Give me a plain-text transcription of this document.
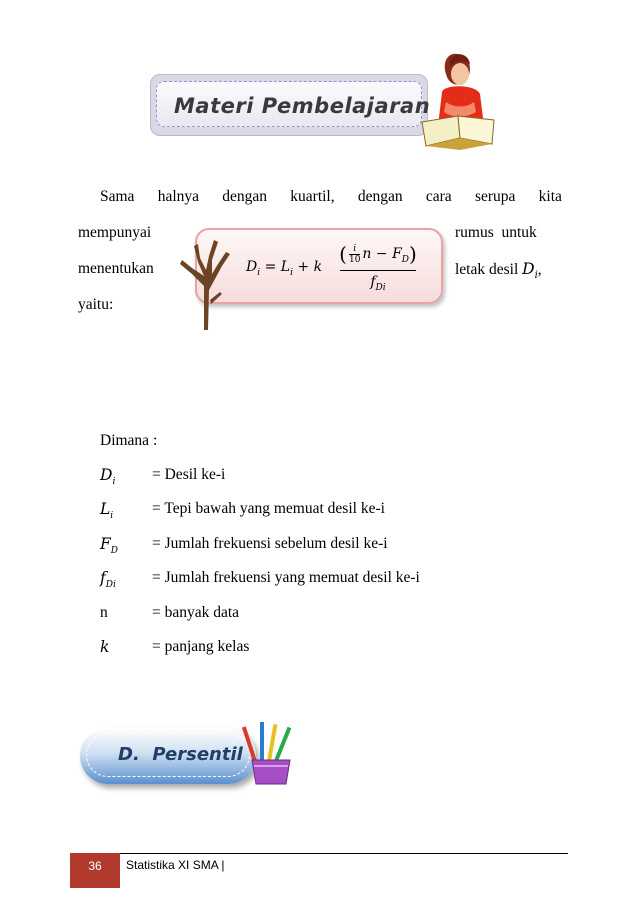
Materi Pembelajaran
Sama halnya dengan kuartil, dengan cara serupa kita
mempunyai	rumus  untuk
menentukan	letak desil $D_i$,
yaitu:
$D_i = L_i + k$
( $\frac{i}{10}$ $n - F_D$)
$f_{Di}$
Dimana :
$D_i$	= Desil ke-i
$L_i$	= Tepi bawah yang memuat desil ke-i
$F_D$	= Jumlah frekuensi sebelum desil ke-i
$f_{Di}$	= Jumlah frekuensi yang memuat desil ke-i
n	= banyak data
k	= panjang kelas
D.  Persentil
36	Statistika XI SMA |
